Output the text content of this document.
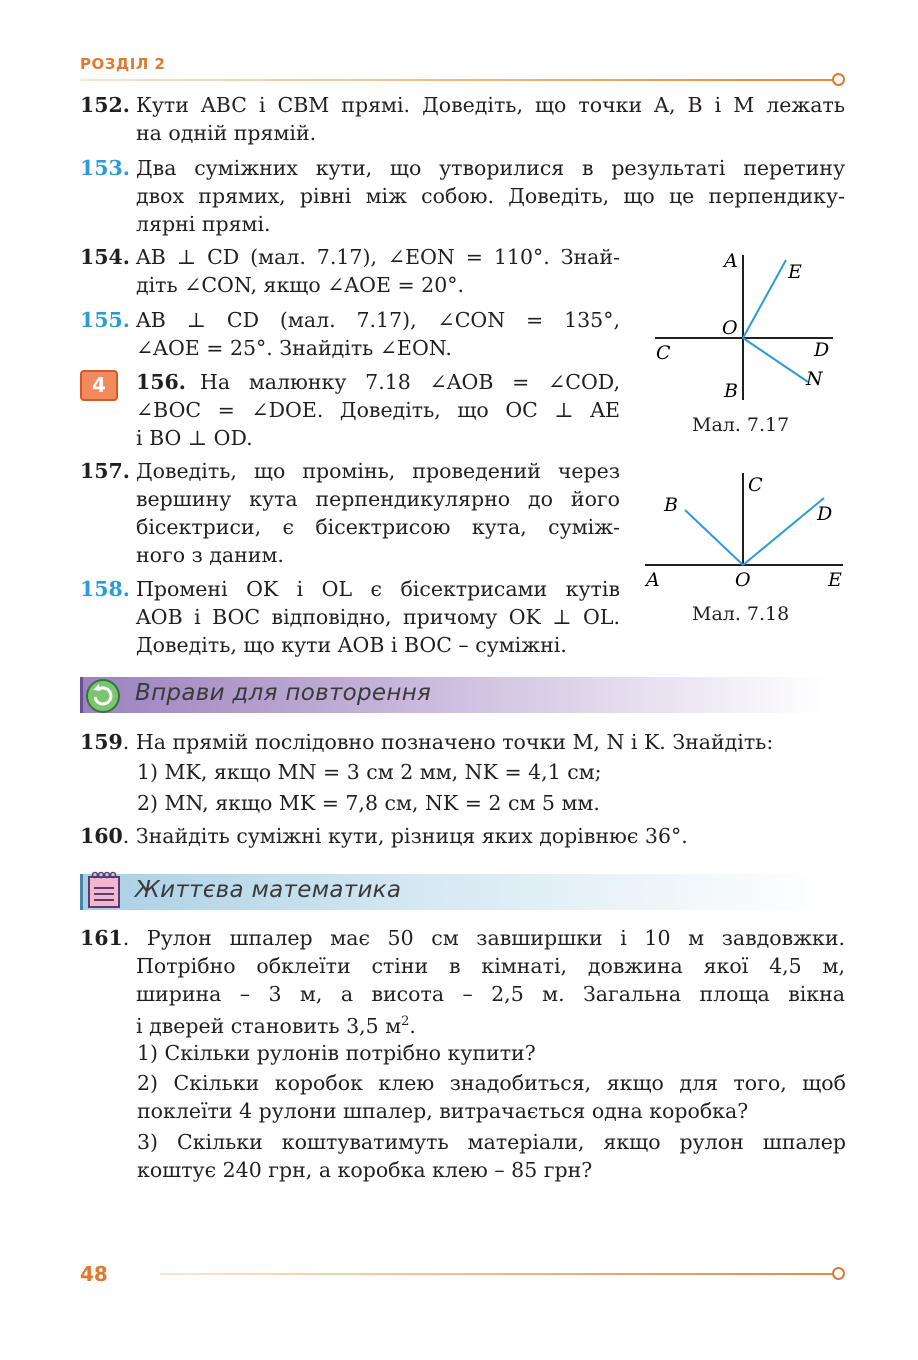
РОЗДІЛ 2
152. Кути ABC і CBM прямі. Доведіть, що точки A, B і M лежать
на одній прямій.
153. Два суміжних кути, що утворилися в результаті перетину
двох прямих, рівні між собою. Доведіть, що це перпендику-
лярні прямі.
154. AB ⊥ CD (мал. 7.17), ∠EON = 110°. Знай-
діть ∠CON, якщо ∠AOE = 20°.
155. AB ⊥ CD (мал. 7.17), ∠CON = 135°,
∠AOE = 25°. Знайдіть ∠EON.
4	156. На малюнку 7.18 ∠AOB = ∠COD,
∠BOC = ∠DOE. Доведіть, що OC ⊥ AE
і BO ⊥ OD.
157. Доведіть, що промінь, проведений через
вершину кута перпендикулярно до його
бісектриси, є бісектрисою кута, суміж-
ного з даним.
158. Промені OK і OL є бісектрисами кутів
AOB і BOC відповідно, причому OK ⊥ OL.
Доведіть, що кути AOB і BOC – суміжні.
A	E
O
C	D
B
N
Мал. 7.17
C
B	D
A	O	E
Мал. 7.18
Вправи для повторення
159. На прямій послідовно позначено точки M, N і K. Знайдіть:
1) MK, якщо MN = 3 см 2 мм, NK = 4,1 см;
2) MN, якщо MK = 7,8 см, NK = 2 см 5 мм.
160. Знайдіть суміжні кути, різниця яких дорівнює 36°.
Життєва математика
161. Рулон шпалер має 50 см завширшки і 10 м завдовжки.
Потрібно обклеїти стіни в кімнаті, довжина якої 4,5 м,
ширина – 3 м, а висота – 2,5 м. Загальна площа вікна
і дверей становить 3,5 $м^2$.
1) Скільки рулонів потрібно купити?
2) Скільки коробок клею знадобиться, якщо для того, щоб
поклеїти 4 рулони шпалер, витрачається одна коробка?
3) Скільки коштуватимуть матеріали, якщо рулон шпалер
коштує 240 грн, а коробка клею – 85 грн?
48
